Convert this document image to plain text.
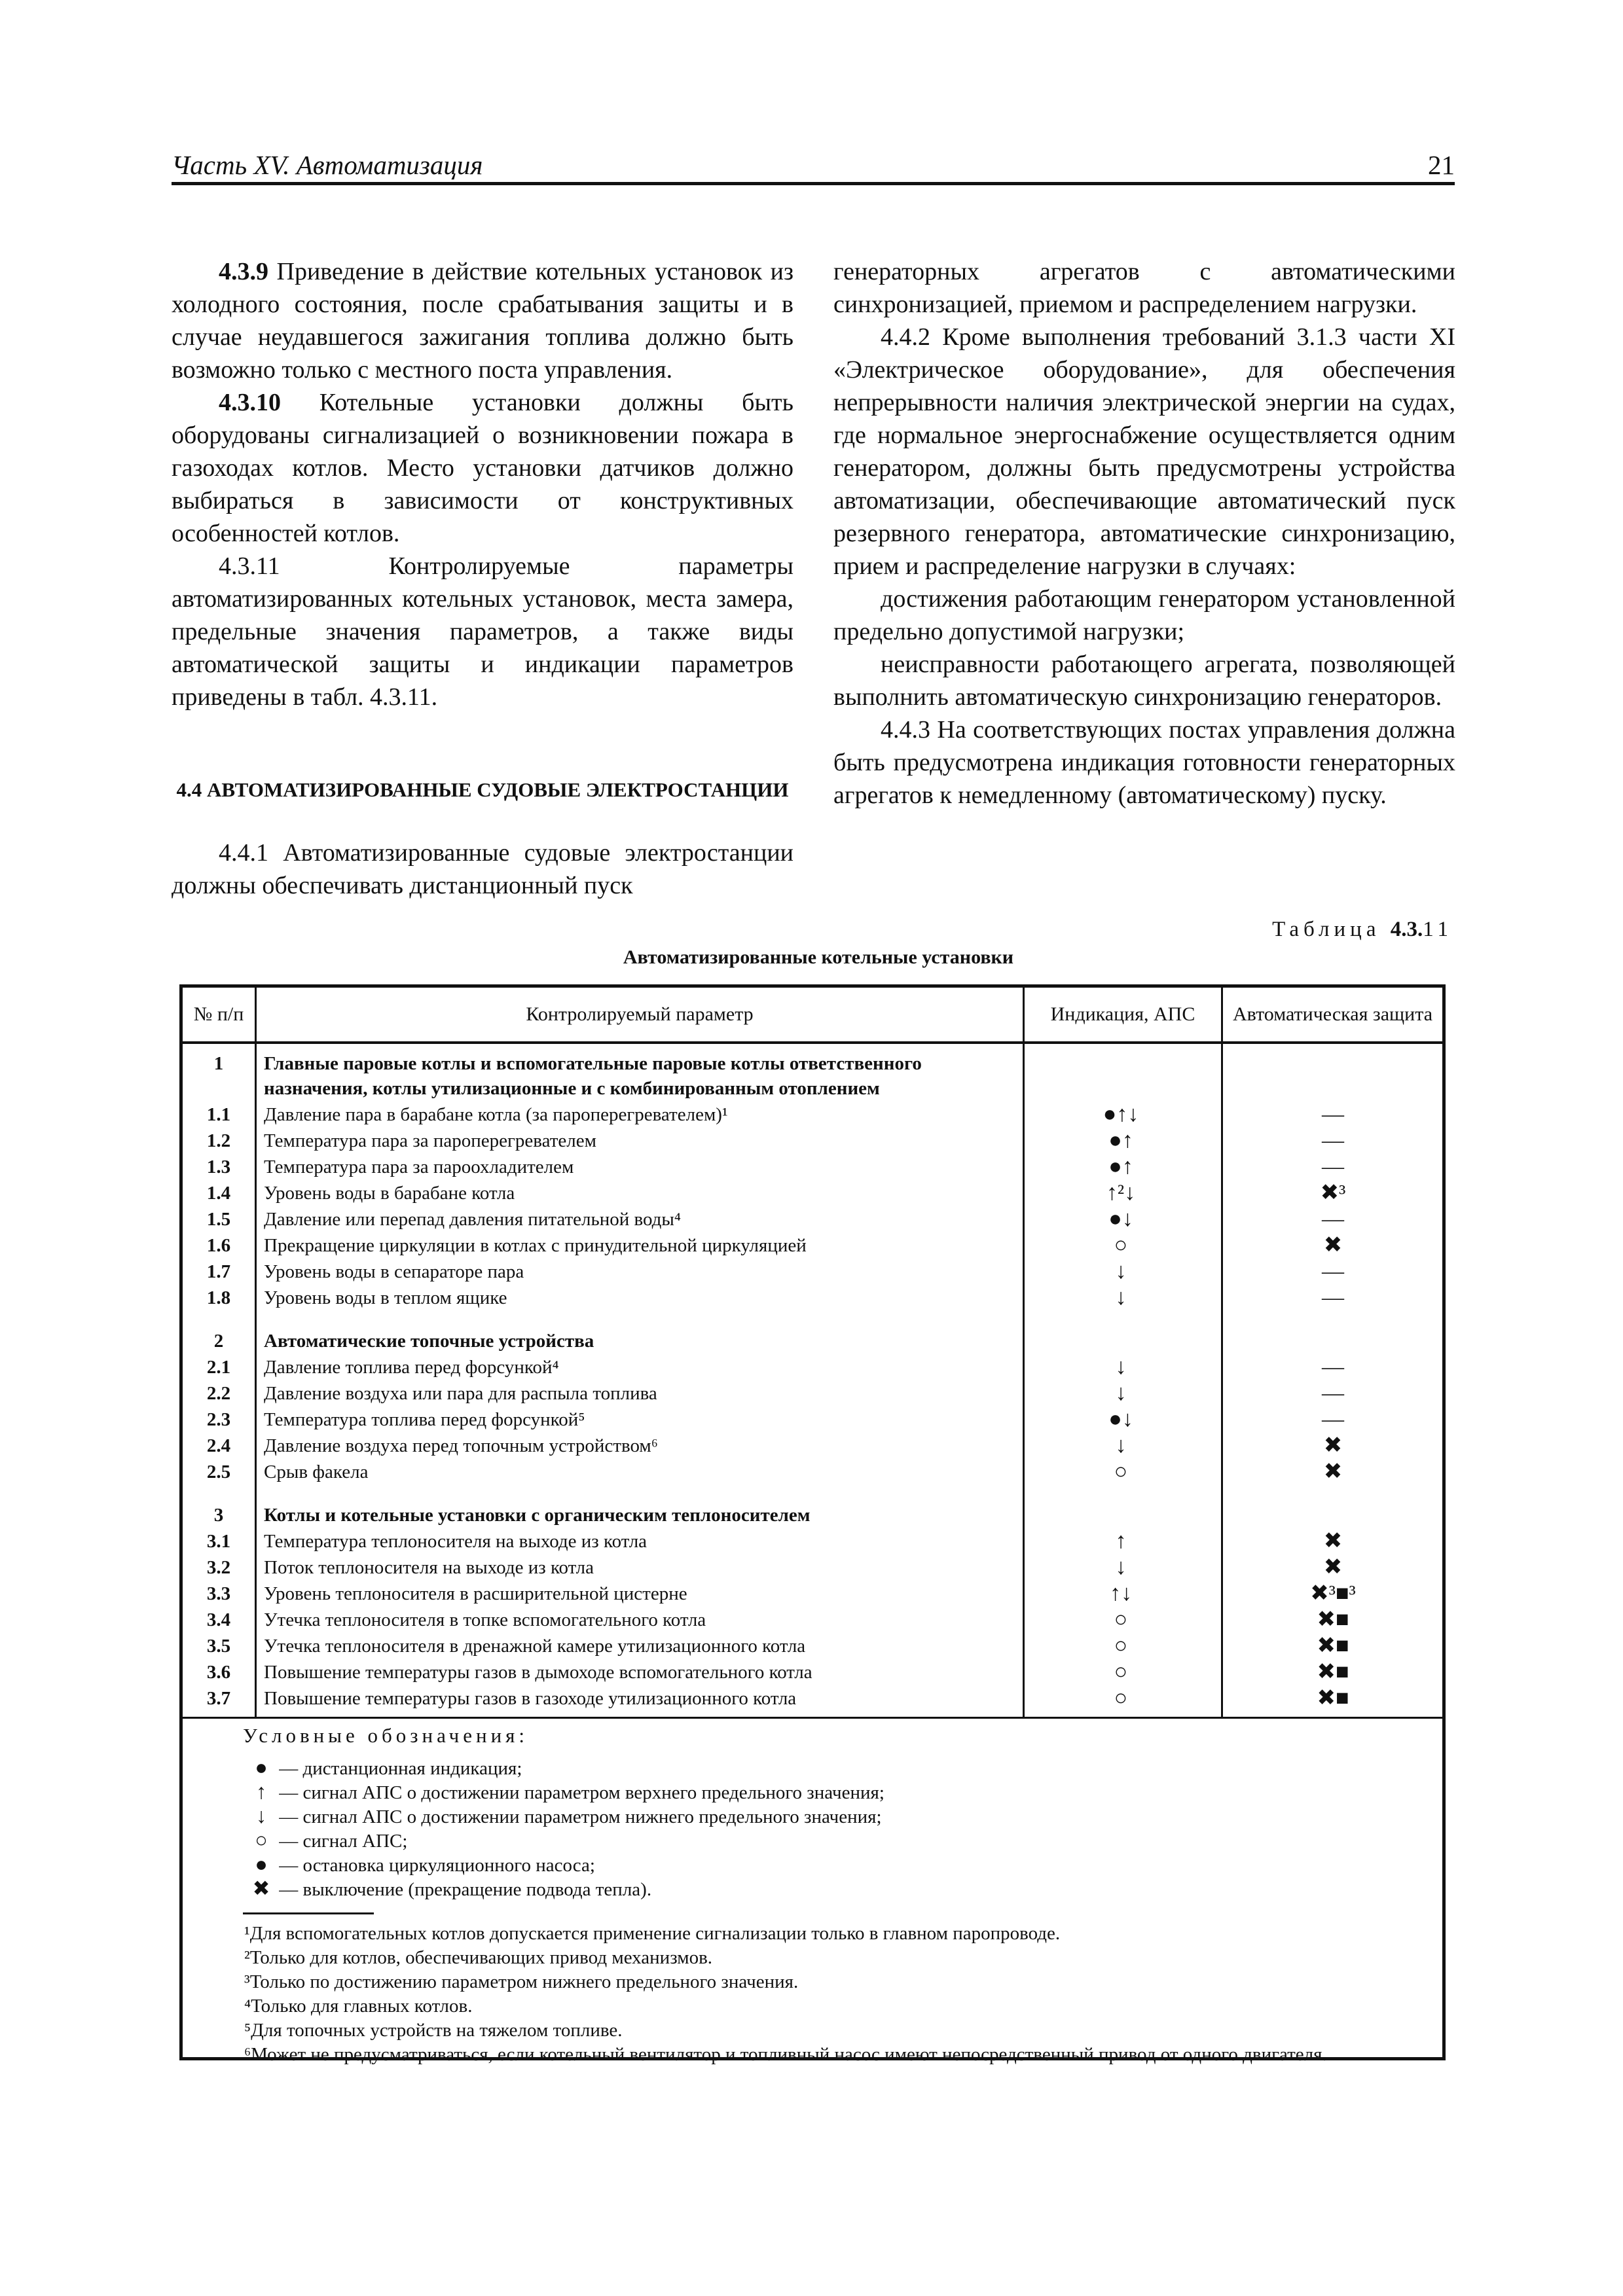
Часть XV. Автоматизация	21

4.3.9 Приведение в действие котельных установок из холодного состояния, после срабатывания защиты и в случае неудавшегося зажигания топлива должно быть возможно только с местного поста управления.

4.3.10 Котельные установки должны быть оборудованы сигнализацией о возникновении пожара в газоходах котлов. Место установки датчиков должно выбираться в зависимости от конструктивных особенностей котлов.

4.3.11 Контролируемые параметры автоматизированных котельных установок, места замера, предельные значения параметров, а также виды автоматической защиты и индикации параметров приведены в табл. 4.3.11.

4.4 АВТОМАТИЗИРОВАННЫЕ СУДОВЫЕ ЭЛЕКТРОСТАНЦИИ

4.4.1 Автоматизированные судовые электростанции должны обеспечивать дистанционный пуск

генераторных агрегатов с автоматическими синхронизацией, приемом и распределением нагрузки.

4.4.2 Кроме выполнения требований 3.1.3 части XI «Электрическое оборудование», для обеспечения непрерывности наличия электрической энергии на судах, где нормальное энергоснабжение осуществляется одним генератором, должны быть предусмотрены устройства автоматизации, обеспечивающие автоматический пуск резервного генератора, автоматические синхронизацию, прием и распределение нагрузки в случаях:

достижения работающим генератором установленной предельно допустимой нагрузки;

неисправности работающего агрегата, позволяющей выполнить автоматическую синхронизацию генераторов.

4.4.3 На соответствующих постах управления должна быть предусмотрена индикация готовности генераторных агрегатов к немедленному (автоматическому) пуску.

Таблица 4.3.11
Автоматизированные котельные установки
№ п/п	Контролируемый параметр	Индикация, АПС	Автоматическая защита
1	Главные паровые котлы и вспомогательные паровые котлы ответственного
назначения, котлы утилизационные и с комбинированным отоплением
1.1	Давление пара в барабане котла (за пароперегревателем)¹	●↑↓	—
1.2	Температура пара за пароперегревателем	●↑	—
1.3	Температура пара за пароохладителем	●↑	—
1.4	Уровень воды в барабане котла	↑²↓	✖³
1.5	Давление или перепад давления питательной воды⁴	●↓	—
1.6	Прекращение циркуляции в котлах с принудительной циркуляцией	○	✖
1.7	Уровень воды в сепараторе пара	↓	—
1.8	Уровень воды в теплом ящике	↓	—
2	Автоматические топочные устройства
2.1	Давление топлива перед форсункой⁴	↓	—
2.2	Давление воздуха или пара для распыла топлива	↓	—
2.3	Температура топлива перед форсункой⁵	●↓	—
2.4	Давление воздуха перед топочным устройством⁶	↓	✖
2.5	Срыв факела	○	✖
3	Котлы и котельные установки с органическим теплоносителем
3.1	Температура теплоносителя на выходе из котла	↑	✖
3.2	Поток теплоносителя на выходе из котла	↓	✖
3.3	Уровень теплоносителя в расширительной цистерне	↑↓	✖³■³
3.4	Утечка теплоносителя в топке вспомогательного котла	○	✖■
3.5	Утечка теплоносителя в дренажной камере утилизационного котла	○	✖■
3.6	Повышение температуры газов в дымоходе вспомогательного котла	○	✖■
3.7	Повышение температуры газов в газоходе утилизационного котла	○	✖■
Условные обозначения:
● — дистанционная индикация;
↑ — сигнал АПС о достижении параметром верхнего предельного значения;
↓ — сигнал АПС о достижении параметром нижнего предельного значения;
○ — сигнал АПС;
● — остановка циркуляционного насоса;
✖ — выключение (прекращение подвода тепла).
¹Для вспомогательных котлов допускается применение сигнализации только в главном паропроводе.
²Только для котлов, обеспечивающих привод механизмов.
³Только по достижению параметром нижнего предельного значения.
⁴Только для главных котлов.
⁵Для топочных устройств на тяжелом топливе.
⁶Может не предусматриваться, если котельный вентилятор и топливный насос имеют непосредственный привод от одного двигателя.
